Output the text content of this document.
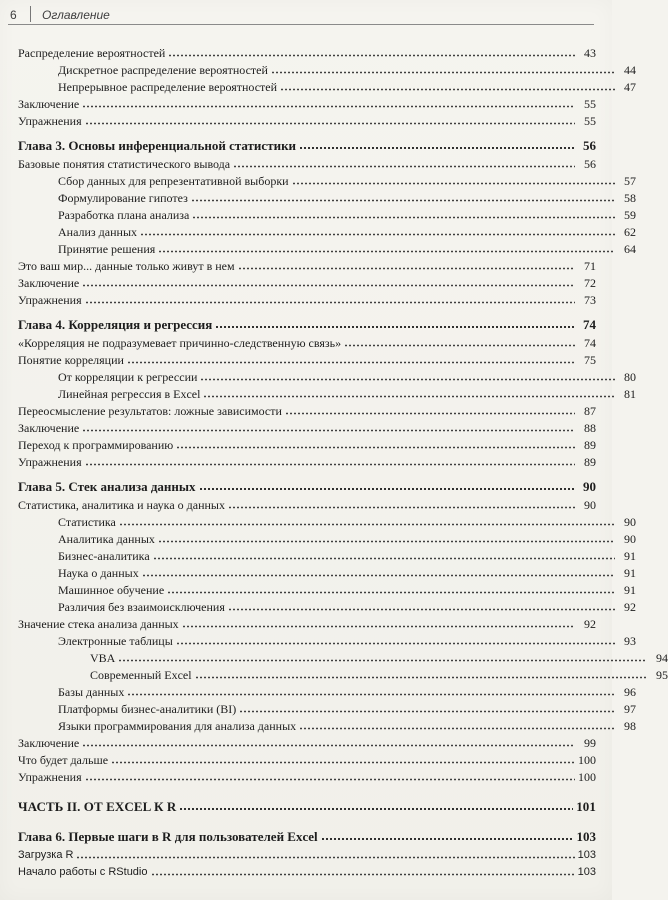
6 Оглавление
Распределение вероятностей	43
Дискретное распределение вероятностей	44
Непрерывное распределение вероятностей	47
Заключение	55
Упражнения	55
Глава 3. Основы инференциальной статистики	56
Базовые понятия статистического вывода	56
Сбор данных для репрезентативной выборки	57
Формулирование гипотез	58
Разработка плана анализа	59
Анализ данных	62
Принятие решения	64
Это ваш мир... данные только живут в нем	71
Заключение	72
Упражнения	73
Глава 4. Корреляция и регрессия	74
«Корреляция не подразумевает причинно-следственную связь»	74
Понятие корреляции	75
От корреляции к регрессии	80
Линейная регрессия в Excel	81
Переосмысление результатов: ложные зависимости	87
Заключение	88
Переход к программированию	89
Упражнения	89
Глава 5. Стек анализа данных	90
Статистика, аналитика и наука о данных	90
Статистика	90
Аналитика данных	90
Бизнес-аналитика	91
Наука о данных	91
Машинное обучение	91
Различия без взаимоисключения	92
Значение стека анализа данных	92
Электронные таблицы	93
VBA	94
Современный Excel	95
Базы данных	96
Платформы бизнес-аналитики (BI)	97
Языки программирования для анализа данных	98
Заключение	99
Что будет дальше	100
Упражнения	100
ЧАСТЬ II. ОТ EXCEL К R	101
Глава 6. Первые шаги в R для пользователей Excel	103
Загрузка R	103
Начало работы с RStudio	103
